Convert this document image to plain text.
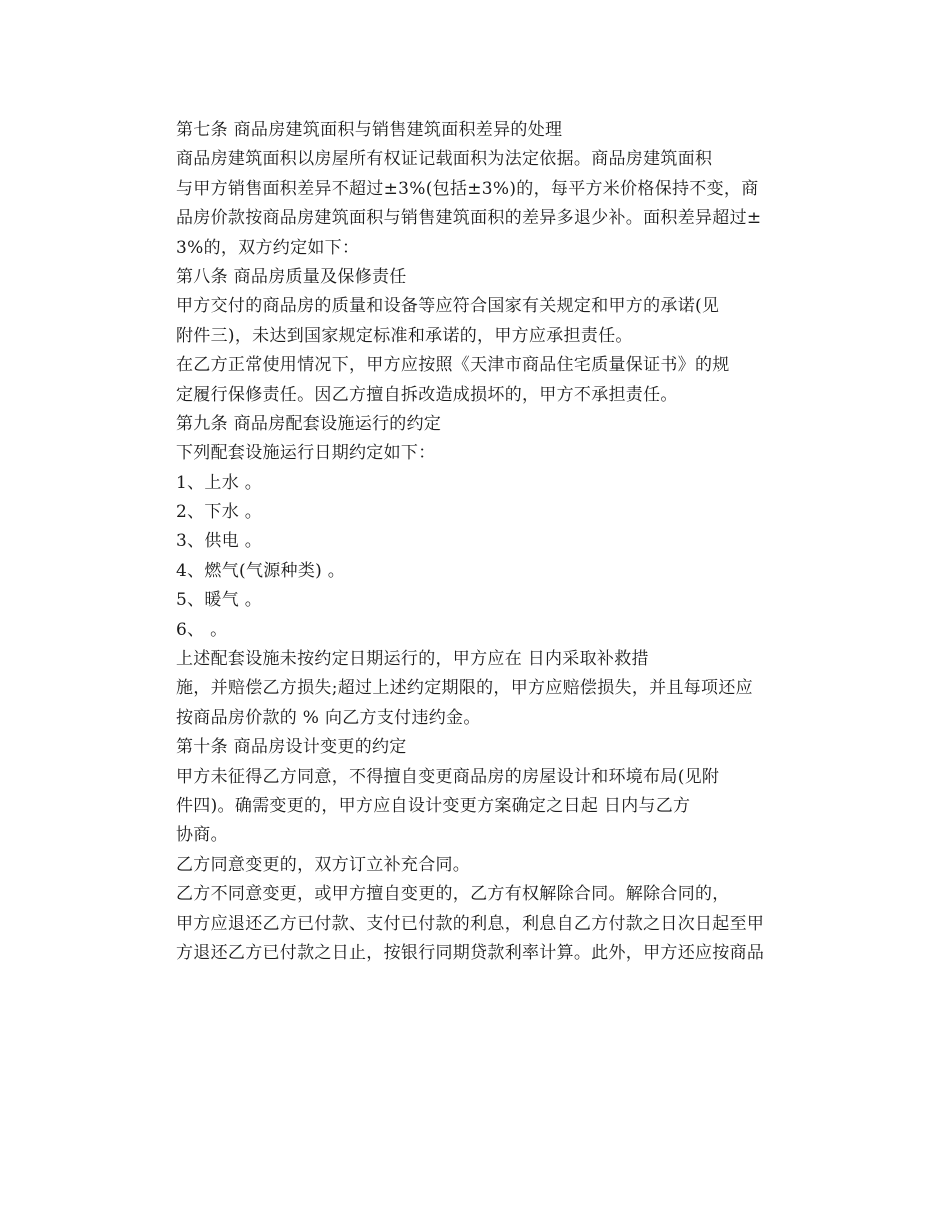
第七条 商品房建筑面积与销售建筑面积差异的处理
商品房建筑面积以房屋所有权证记载面积为法定依据。商品房建筑面积
与甲方销售面积差异不超过±3%(包括±3%)的，每平方米价格保持不变，商
品房价款按商品房建筑面积与销售建筑面积的差异多退少补。面积差异超过±
3%的，双方约定如下：
第八条 商品房质量及保修责任
甲方交付的商品房的质量和设备等应符合国家有关规定和甲方的承诺(见
附件三)，未达到国家规定标准和承诺的，甲方应承担责任。
在乙方正常使用情况下，甲方应按照《天津市商品住宅质量保证书》的规
定履行保修责任。因乙方擅自拆改造成损坏的，甲方不承担责任。
第九条 商品房配套设施运行的约定
下列配套设施运行日期约定如下：
1、上水 。
2、下水 。
3、供电 。
4、燃气(气源种类) 。
5、暖气 。
6、 。
上述配套设施未按约定日期运行的，甲方应在 日内采取补救措
施，并赔偿乙方损失;超过上述约定期限的，甲方应赔偿损失，并且每项还应
按商品房价款的 % 向乙方支付违约金。
第十条 商品房设计变更的约定
甲方未征得乙方同意，不得擅自变更商品房的房屋设计和环境布局(见附
件四)。确需变更的，甲方应自设计变更方案确定之日起 日内与乙方
协商。
乙方同意变更的，双方订立补充合同。
乙方不同意变更，或甲方擅自变更的，乙方有权解除合同。解除合同的，
甲方应退还乙方已付款、支付已付款的利息，利息自乙方付款之日次日起至甲
方退还乙方已付款之日止，按银行同期贷款利率计算。此外，甲方还应按商品
